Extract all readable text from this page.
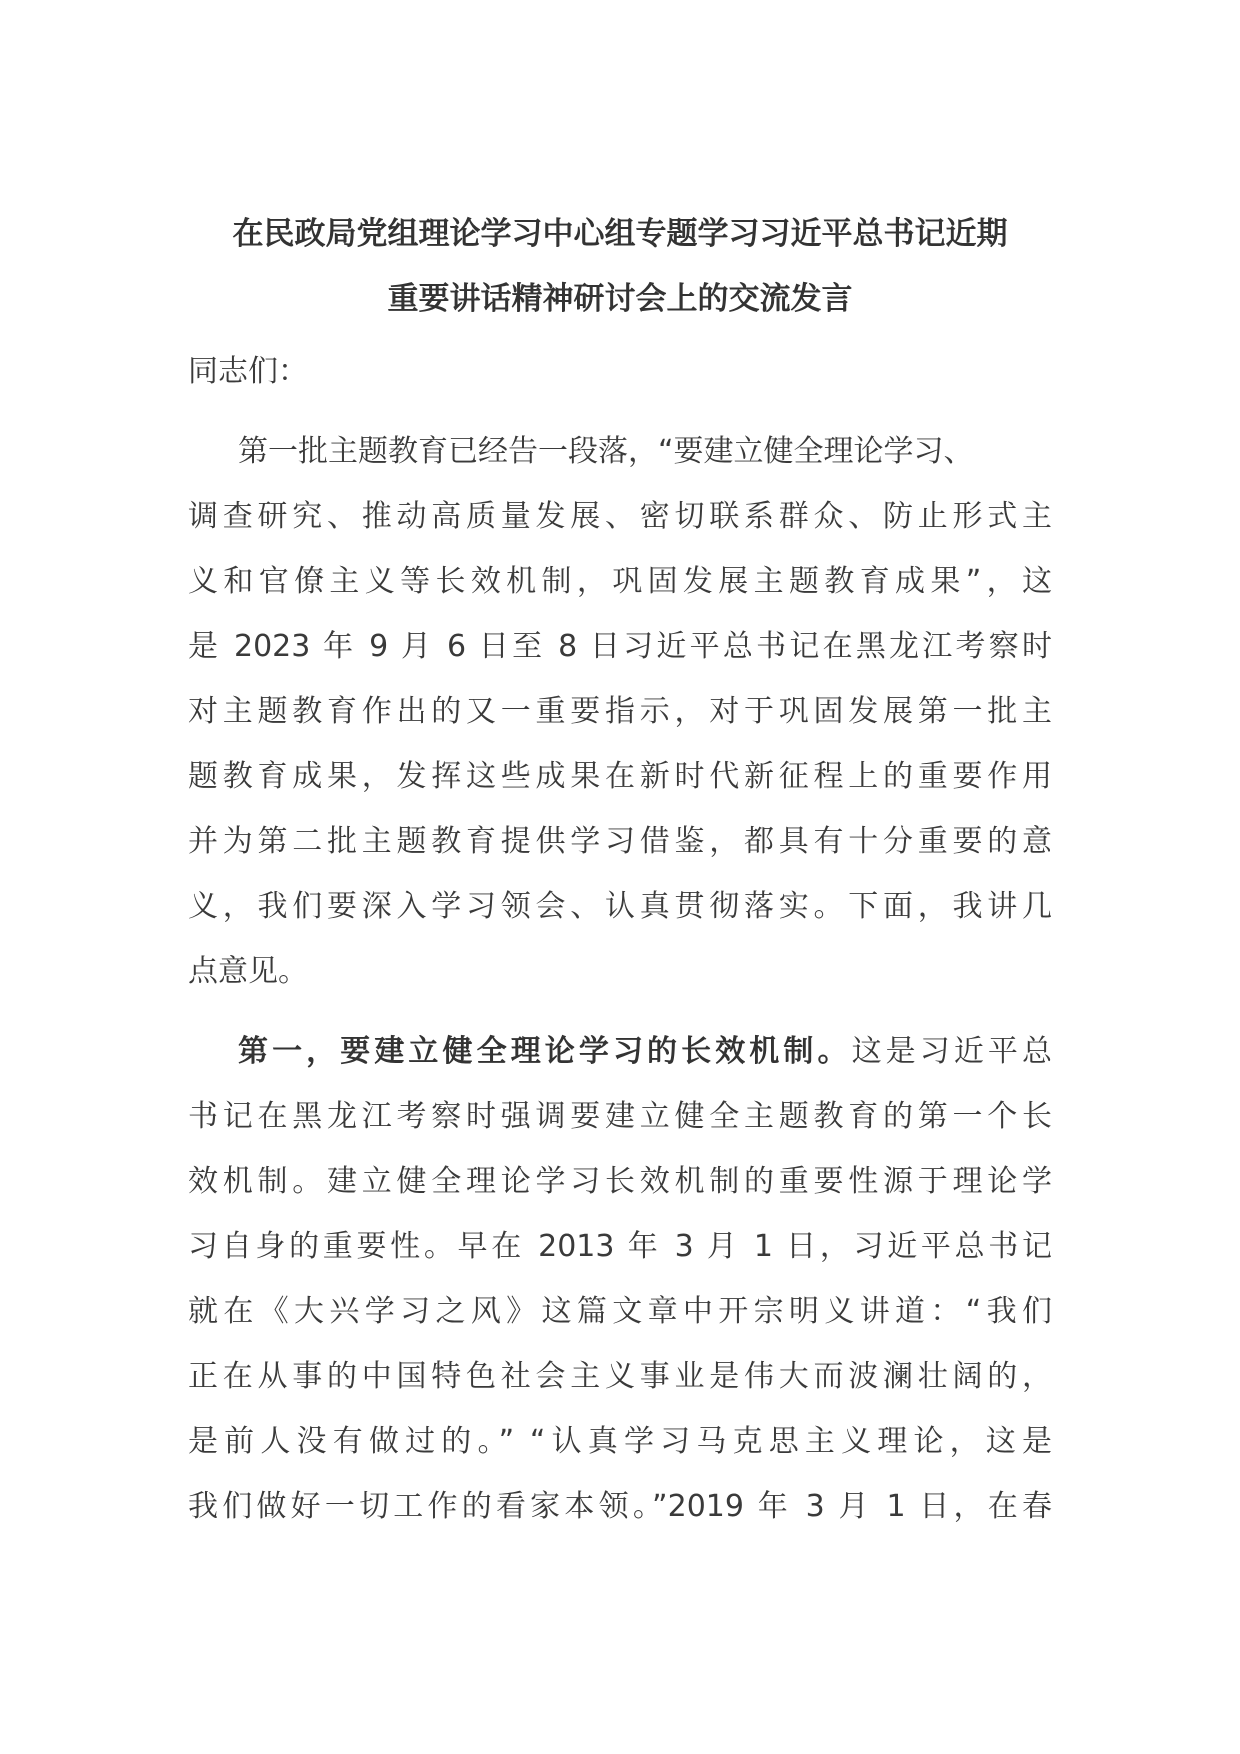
在民政局党组理论学习中心组专题学习习近平总书记近期
重要讲话精神研讨会上的交流发言
同志们：
第一批主题教育已经告一段落，“要建立健全理论学习、
调查研究、推动高质量发展、密切联系群众、防止形式主
义和官僚主义等长效机制，巩固发展主题教育成果”，这
是 2023 年 9 月 6 日至 8 日习近平总书记在黑龙江考察时
对主题教育作出的又一重要指示，对于巩固发展第一批主
题教育成果，发挥这些成果在新时代新征程上的重要作用
并为第二批主题教育提供学习借鉴，都具有十分重要的意
义，我们要深入学习领会、认真贯彻落实。下面，我讲几
点意见。
第一，要建立健全理论学习的长效机制。这是习近平总
书记在黑龙江考察时强调要建立健全主题教育的第一个长
效机制。建立健全理论学习长效机制的重要性源于理论学
习自身的重要性。早在 2013 年 3 月 1 日，习近平总书记
就在《大兴学习之风》这篇文章中开宗明义讲道：“我们
正在从事的中国特色社会主义事业是伟大而波澜壮阔的，
是前人没有做过的。” “认真学习马克思主义理论，这是
我们做好一切工作的看家本领。”2019 年 3 月 1 日，在春
